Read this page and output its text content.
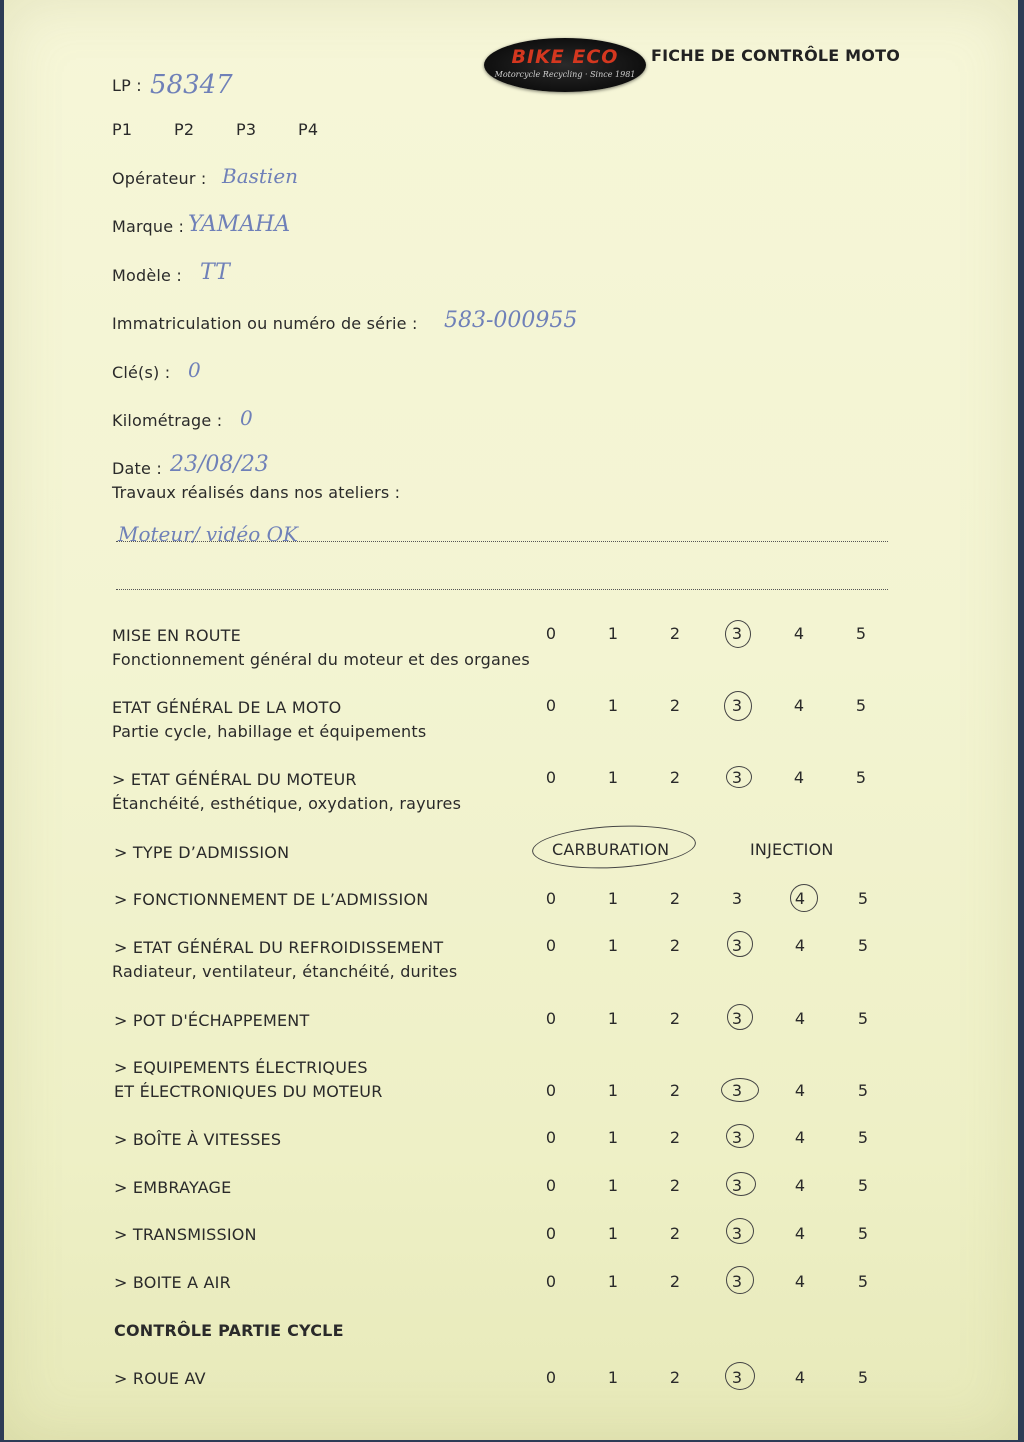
BIKE ECO
Motorcycle Recycling · Since 1981
FICHE DE CONTRÔLE MOTO
LP : 58347
P1	P2	P3	P4
Opérateur : Bastien
Marque : YAMAHA
Modèle : TT
Immatriculation ou numéro de série : 583-000955
Clé(s) : 0
Kilométrage : 0
Date : 23/08/23
Travaux réalisés dans nos ateliers :
Moteur/ vidéo OK
MISE EN ROUTE
Fonctionnement général du moteur et des organes
0	1	2	3	4	5
ETAT GÉNÉRAL DE LA MOTO
Partie cycle, habillage et équipements
0	1	2	3	4	5
> ETAT GÉNÉRAL DU MOTEUR
Étanchéité, esthétique, oxydation, rayures
0	1	2	3	4	5
> TYPE D’ADMISSION	CARBURATION	INJECTION
> FONCTIONNEMENT DE L’ADMISSION	0	1	2	3	4	5
> ETAT GÉNÉRAL DU REFROIDISSEMENT
Radiateur, ventilateur, étanchéité, durites
0	1	2	3	4	5
> POT D'ÉCHAPPEMENT	0	1	2	3	4	5
> EQUIPEMENTS ÉLECTRIQUES
ET ÉLECTRONIQUES DU MOTEUR	0	1	2	3	4	5
> BOÎTE À VITESSES	0	1	2	3	4	5
> EMBRAYAGE	0	1	2	3	4	5
> TRANSMISSION	0	1	2	3	4	5
> BOITE A AIR	0	1	2	3	4	5
CONTRÔLE PARTIE CYCLE
> ROUE AV	0	1	2	3	4	5
